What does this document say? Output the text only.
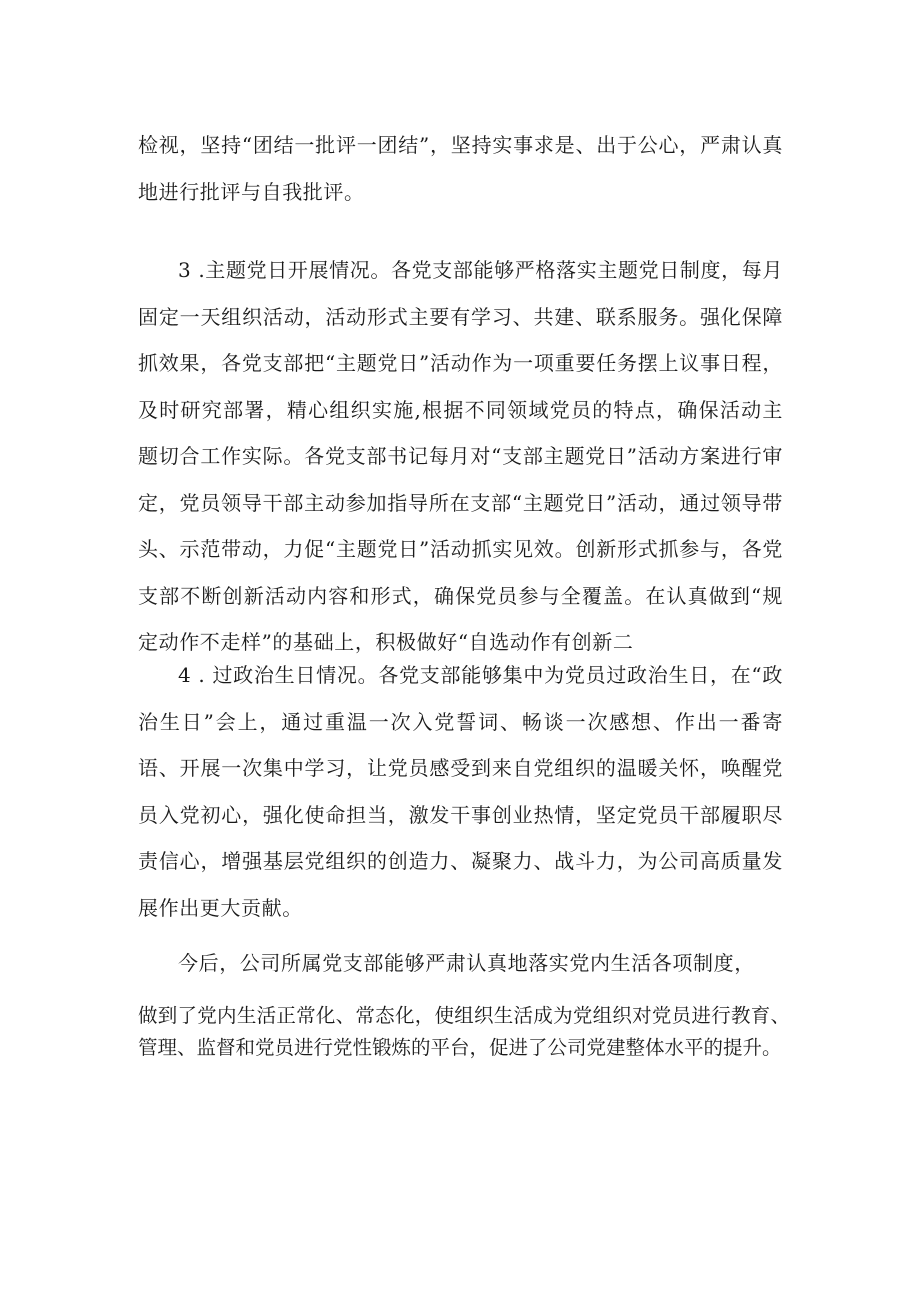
检视，坚持“团结一批评一团结”，坚持实事求是、出于公心，严肃认真地进行批评与自我批评。

3 .主题党日开展情况。各党支部能够严格落实主题党日制度，每月固定一天组织活动，活动形式主要有学习、共建、联系服务。强化保障抓效果，各党支部把“主题党日”活动作为一项重要任务摆上议事日程，及时研究部署，精心组织实施,根据不同领域党员的特点，确保活动主题切合工作实际。各党支部书记每月对“支部主题党日”活动方案进行审定，党员领导干部主动参加指导所在支部“主题党日”活动，通过领导带头、示范带动，力促“主题党日”活动抓实见效。创新形式抓参与，各党支部不断创新活动内容和形式，确保党员参与全覆盖。在认真做到“规定动作不走样”的基础上，积极做好“自选动作有创新二

4 . 过政治生日情况。各党支部能够集中为党员过政治生日，在“政治生日”会上，通过重温一次入党誓词、畅谈一次感想、作出一番寄语、开展一次集中学习，让党员感受到来自党组织的温暖关怀，唤醒党员入党初心，强化使命担当，激发干事创业热情，坚定党员干部履职尽责信心，增强基层党组织的创造力、凝聚力、战斗力，为公司高质量发展作出更大贡献。

今后，公司所属党支部能够严肃认真地落实党内生活各项制度，

做到了党内生活正常化、常态化，使组织生活成为党组织对党员进行教育、管理、监督和党员进行党性锻炼的平台，促进了公司党建整体水平的提升。
